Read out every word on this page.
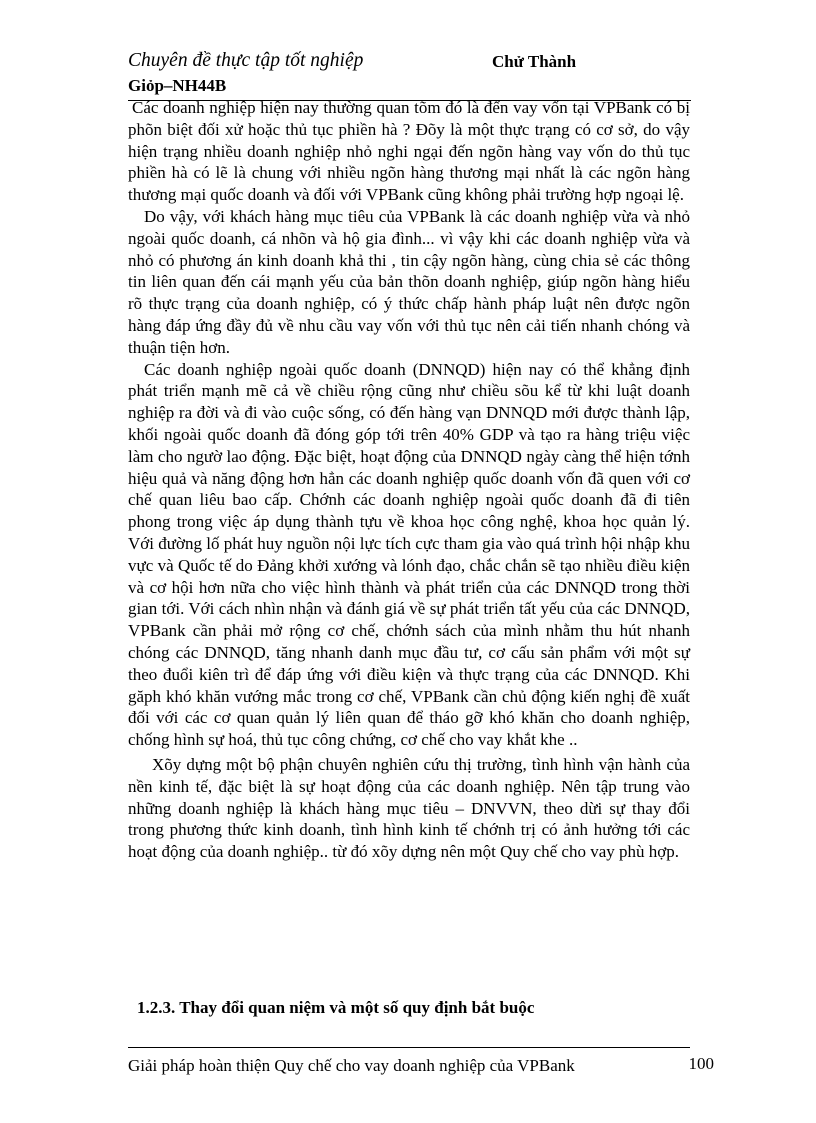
Chuyên đề thực tập tốt nghiệp	Chử Thành
Giỏp–NH44B

Các doanh nghiệp hiện nay thường quan tõm đó là đến vay vốn tại VPBank có bị phõn biệt đối xử hoặc thủ tục phiền hà ? Đõy là một thực trạng có cơ sở, do vậy hiện trạng nhiều doanh nghiệp nhỏ nghi ngại đến ngõn hàng vay vốn do thủ tục phiền hà có lẽ là chung với nhiều ngõn hàng thương mại nhất là các ngõn hàng thương mại quốc doanh và đối với VPBank cũng không phải trường hợp ngoại lệ.

Do vậy, với khách hàng mục tiêu của VPBank là các doanh nghiệp vừa và nhỏ ngoài quốc doanh, cá nhõn và hộ gia đình... vì vậy khi các doanh nghiệp vừa và nhỏ có phương án kinh doanh khả thi , tin cậy ngõn hàng, cùng chia sẻ các thông tin liên quan đến cái mạnh yếu của bản thõn doanh nghiệp, giúp ngõn hàng hiểu rõ thực trạng của doanh nghiệp, có ý thức chấp hành pháp luật nên được ngõn hàng đáp ứng đầy đủ về nhu cầu vay vốn với thủ tục nên cải tiến nhanh chóng và thuận tiện hơn.

Các doanh nghiệp ngoài quốc doanh (DNNQD) hiện nay có thể khẳng định phát triển mạnh mẽ cả về chiều rộng cũng như chiều sõu kể từ khi luật doanh nghiệp ra đời và đi vào cuộc sống, có đến hàng vạn DNNQD mới được thành lập, khối ngoài quốc doanh đã đóng góp tới trên 40% GDP và tạo ra hàng triệu việc làm cho ngườ lao động. Đặc biệt, hoạt động của DNNQD ngày càng thể hiện tớnh hiệu quả và năng động hơn hẳn các doanh nghiệp quốc doanh vốn đã quen với cơ chế quan liêu bao cấp. Chớnh các doanh nghiệp ngoài quốc doanh đã đi tiên phong trong việc áp dụng thành tựu về khoa học công nghệ, khoa học quản lý. Với đường lố phát huy nguồn nội lực tích cực tham gia vào quá trình hội nhập khu vực và Quốc tế do Đảng khởi xướng và lónh đạo, chắc chắn sẽ tạo nhiều điều kiện và cơ hội hơn nữa cho việc hình thành và phát triển của các DNNQD trong thời gian tới. Với cách nhìn nhận và đánh giá về sự phát triển tất yếu của các DNNQD, VPBank cần phải mở rộng cơ chế, chớnh sách của mình nhằm thu hút nhanh chóng các DNNQD, tăng nhanh danh mục đầu tư, cơ cấu sản phẩm với một sự theo đuổi kiên trì để đáp ứng với điều kiện và thực trạng của các DNNQD. Khi găph khó khăn vướng mắc trong cơ chế, VPBank cần chủ động kiến nghị đề xuất đối với các cơ quan quản lý liên quan để tháo gỡ khó khăn cho doanh nghiệp, chống hình sự hoá, thủ tục công chứng, cơ chế cho vay khắt khe ..

Xõy dựng một bộ phận chuyên nghiên cứu thị trường, tình hình vận hành của nền kinh tế, đặc biệt là sự hoạt động của các doanh nghiệp. Nên tập trung vào những doanh nghiệp là khách hàng mục tiêu – DNVVN, theo dừi sự thay đổi trong phương thức kinh doanh, tình hình kinh tế chớnh trị có ảnh hưởng tới các hoạt động của doanh nghiệp.. từ đó xõy dựng nên một Quy chế cho vay phù hợp.

1.2.3. Thay đổi quan niệm và một số quy định bắt buộc
Giải pháp hoàn thiện Quy chế cho vay doanh nghiệp của VPBank	100
